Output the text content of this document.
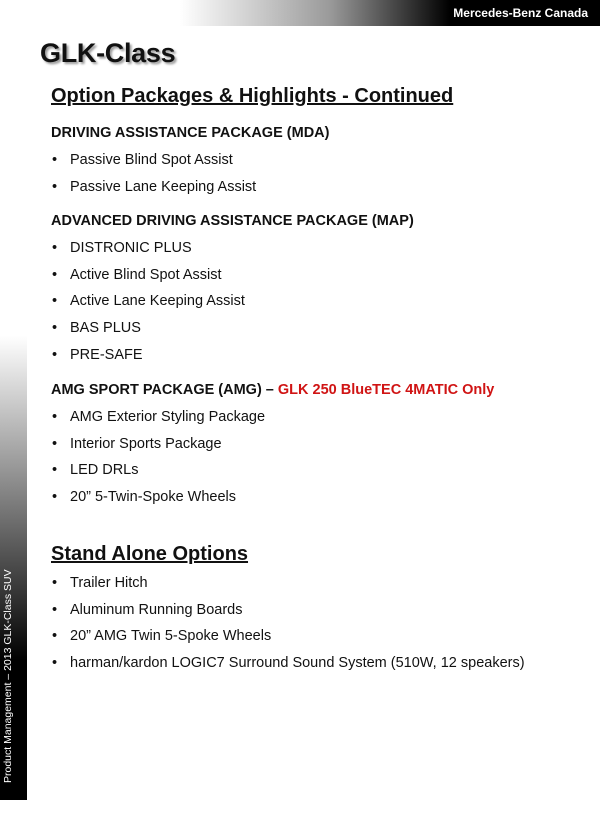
Mercedes-Benz Canada
Product Management – 2013 GLK-Class SUV
14
GLK-Class
Option Packages & Highlights - Continued
DRIVING ASSISTANCE PACKAGE (MDA)
• Passive Blind Spot Assist
• Passive Lane Keeping Assist
ADVANCED DRIVING ASSISTANCE PACKAGE (MAP)
• DISTRONIC PLUS
• Active Blind Spot Assist
• Active Lane Keeping Assist
• BAS PLUS
• PRE-SAFE
AMG SPORT PACKAGE (AMG) – GLK 250 BlueTEC 4MATIC Only
• AMG Exterior Styling Package
• Interior Sports Package
• LED DRLs
• 20” 5-Twin-Spoke Wheels
Stand Alone Options
• Trailer Hitch
• Aluminum Running Boards
• 20” AMG Twin 5-Spoke Wheels
• harman/kardon LOGIC7 Surround Sound System (510W, 12 speakers)
